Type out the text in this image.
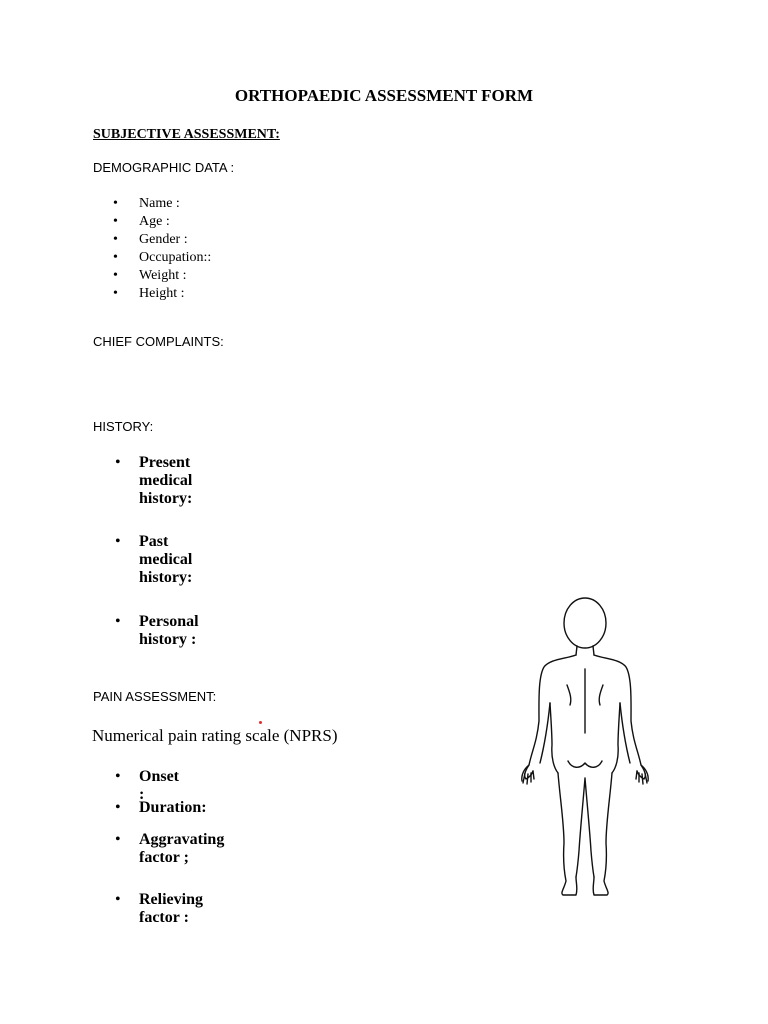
ORTHOPAEDIC ASSESSMENT FORM
SUBJECTIVE ASSESSMENT:
DEMOGRAPHIC DATA :
• Name :
• Age :
• Gender :
• Occupation::
• Weight :
• Height :
CHIEF COMPLAINTS:
HISTORY:
• Present medical history:
• Past medical history:
• Personal history :
PAIN ASSESSMENT:
Numerical pain rating scale (NPRS)
• Onset :
• Duration:
• Aggravating factor ;
• Relieving factor :
